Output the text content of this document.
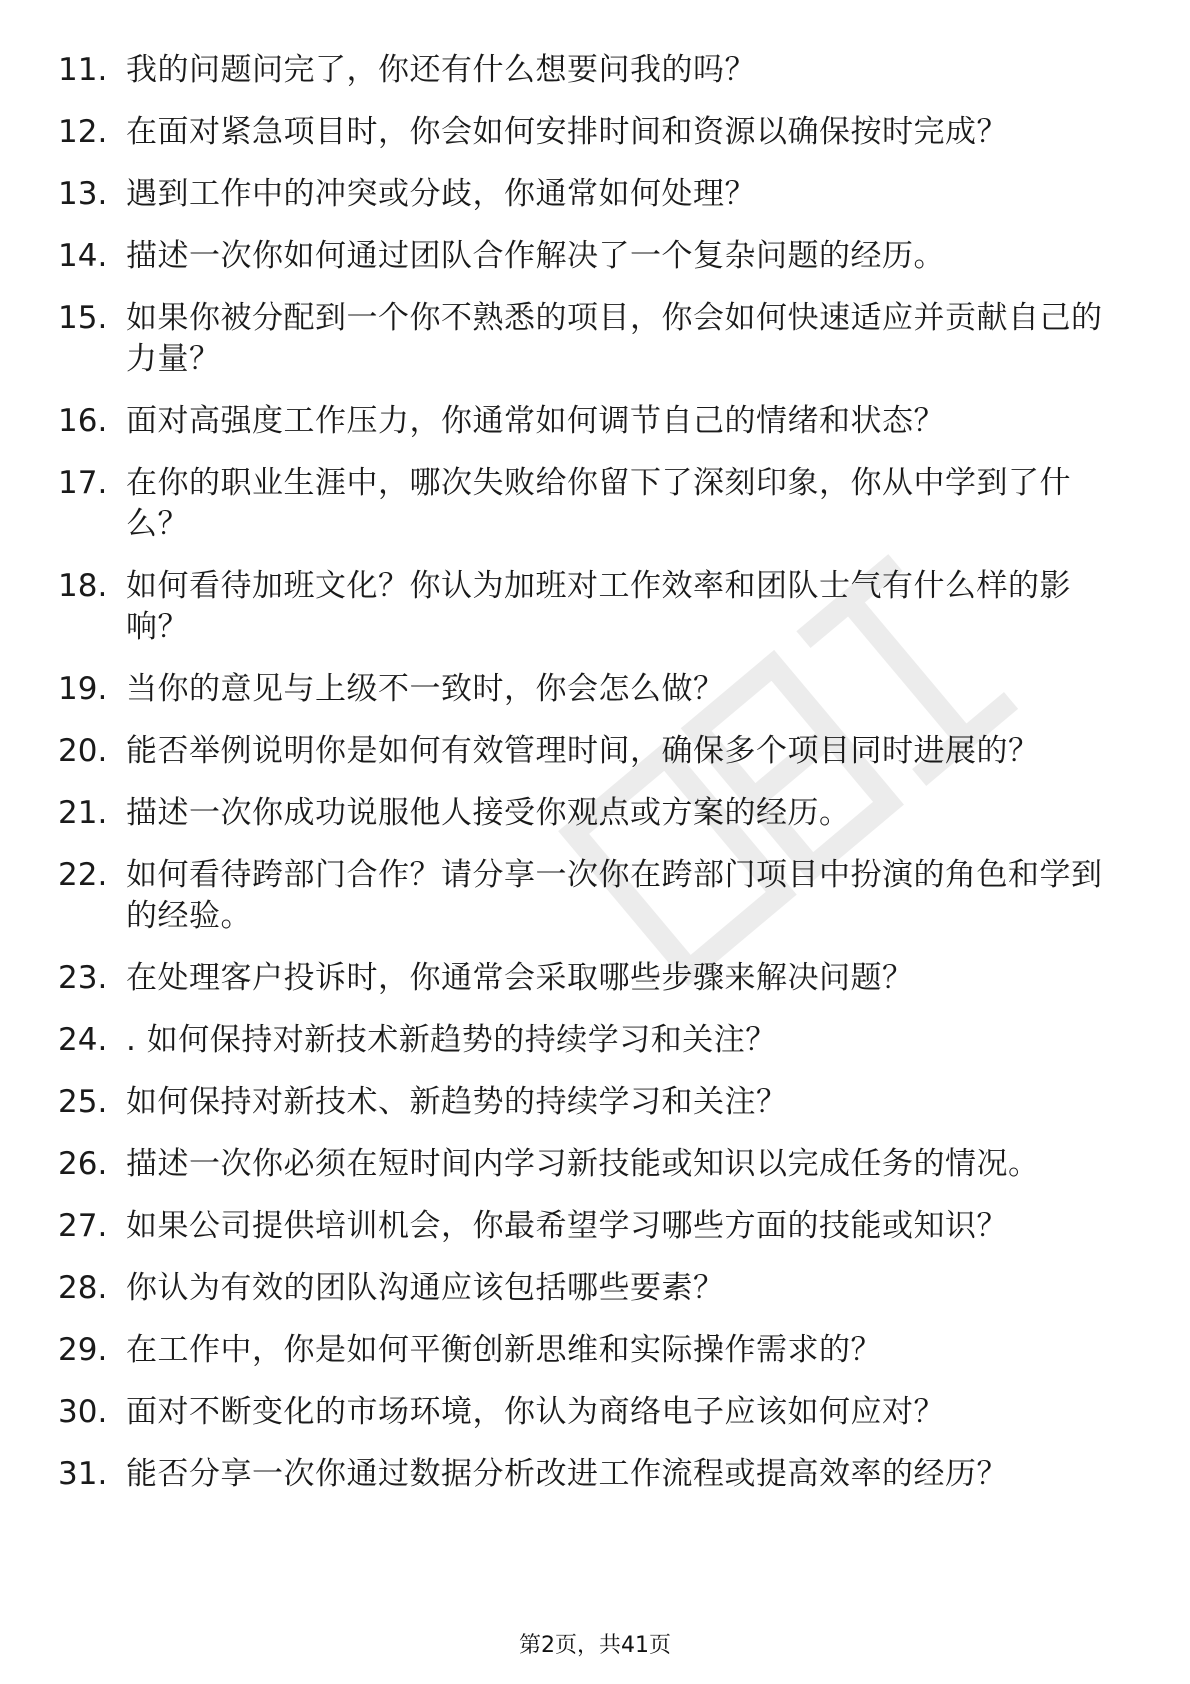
11. 我的问题问完了，你还有什么想要问我的吗？
12. 在面对紧急项目时，你会如何安排时间和资源以确保按时完成？
13. 遇到工作中的冲突或分歧，你通常如何处理？
14. 描述一次你如何通过团队合作解决了一个复杂问题的经历。
15. 如果你被分配到一个你不熟悉的项目，你会如何快速适应并贡献自己的力量？
16. 面对高强度工作压力，你通常如何调节自己的情绪和状态？
17. 在你的职业生涯中，哪次失败给你留下了深刻印象，你从中学到了什么？
18. 如何看待加班文化？你认为加班对工作效率和团队士气有什么样的影响？
19. 当你的意见与上级不一致时，你会怎么做？
20. 能否举例说明你是如何有效管理时间，确保多个项目同时进展的？
21. 描述一次你成功说服他人接受你观点或方案的经历。
22. 如何看待跨部门合作？请分享一次你在跨部门项目中扮演的角色和学到的经验。
23. 在处理客户投诉时，你通常会采取哪些步骤来解决问题？
24. . 如何保持对新技术新趋势的持续学习和关注？
25. 如何保持对新技术、新趋势的持续学习和关注？
26. 描述一次你必须在短时间内学习新技能或知识以完成任务的情况。
27. 如果公司提供培训机会，你最希望学习哪些方面的技能或知识？
28. 你认为有效的团队沟通应该包括哪些要素？
29. 在工作中，你是如何平衡创新思维和实际操作需求的？
30. 面对不断变化的市场环境，你认为商络电子应该如何应对？
31. 能否分享一次你通过数据分析改进工作流程或提高效率的经历？
第2页，共41页
